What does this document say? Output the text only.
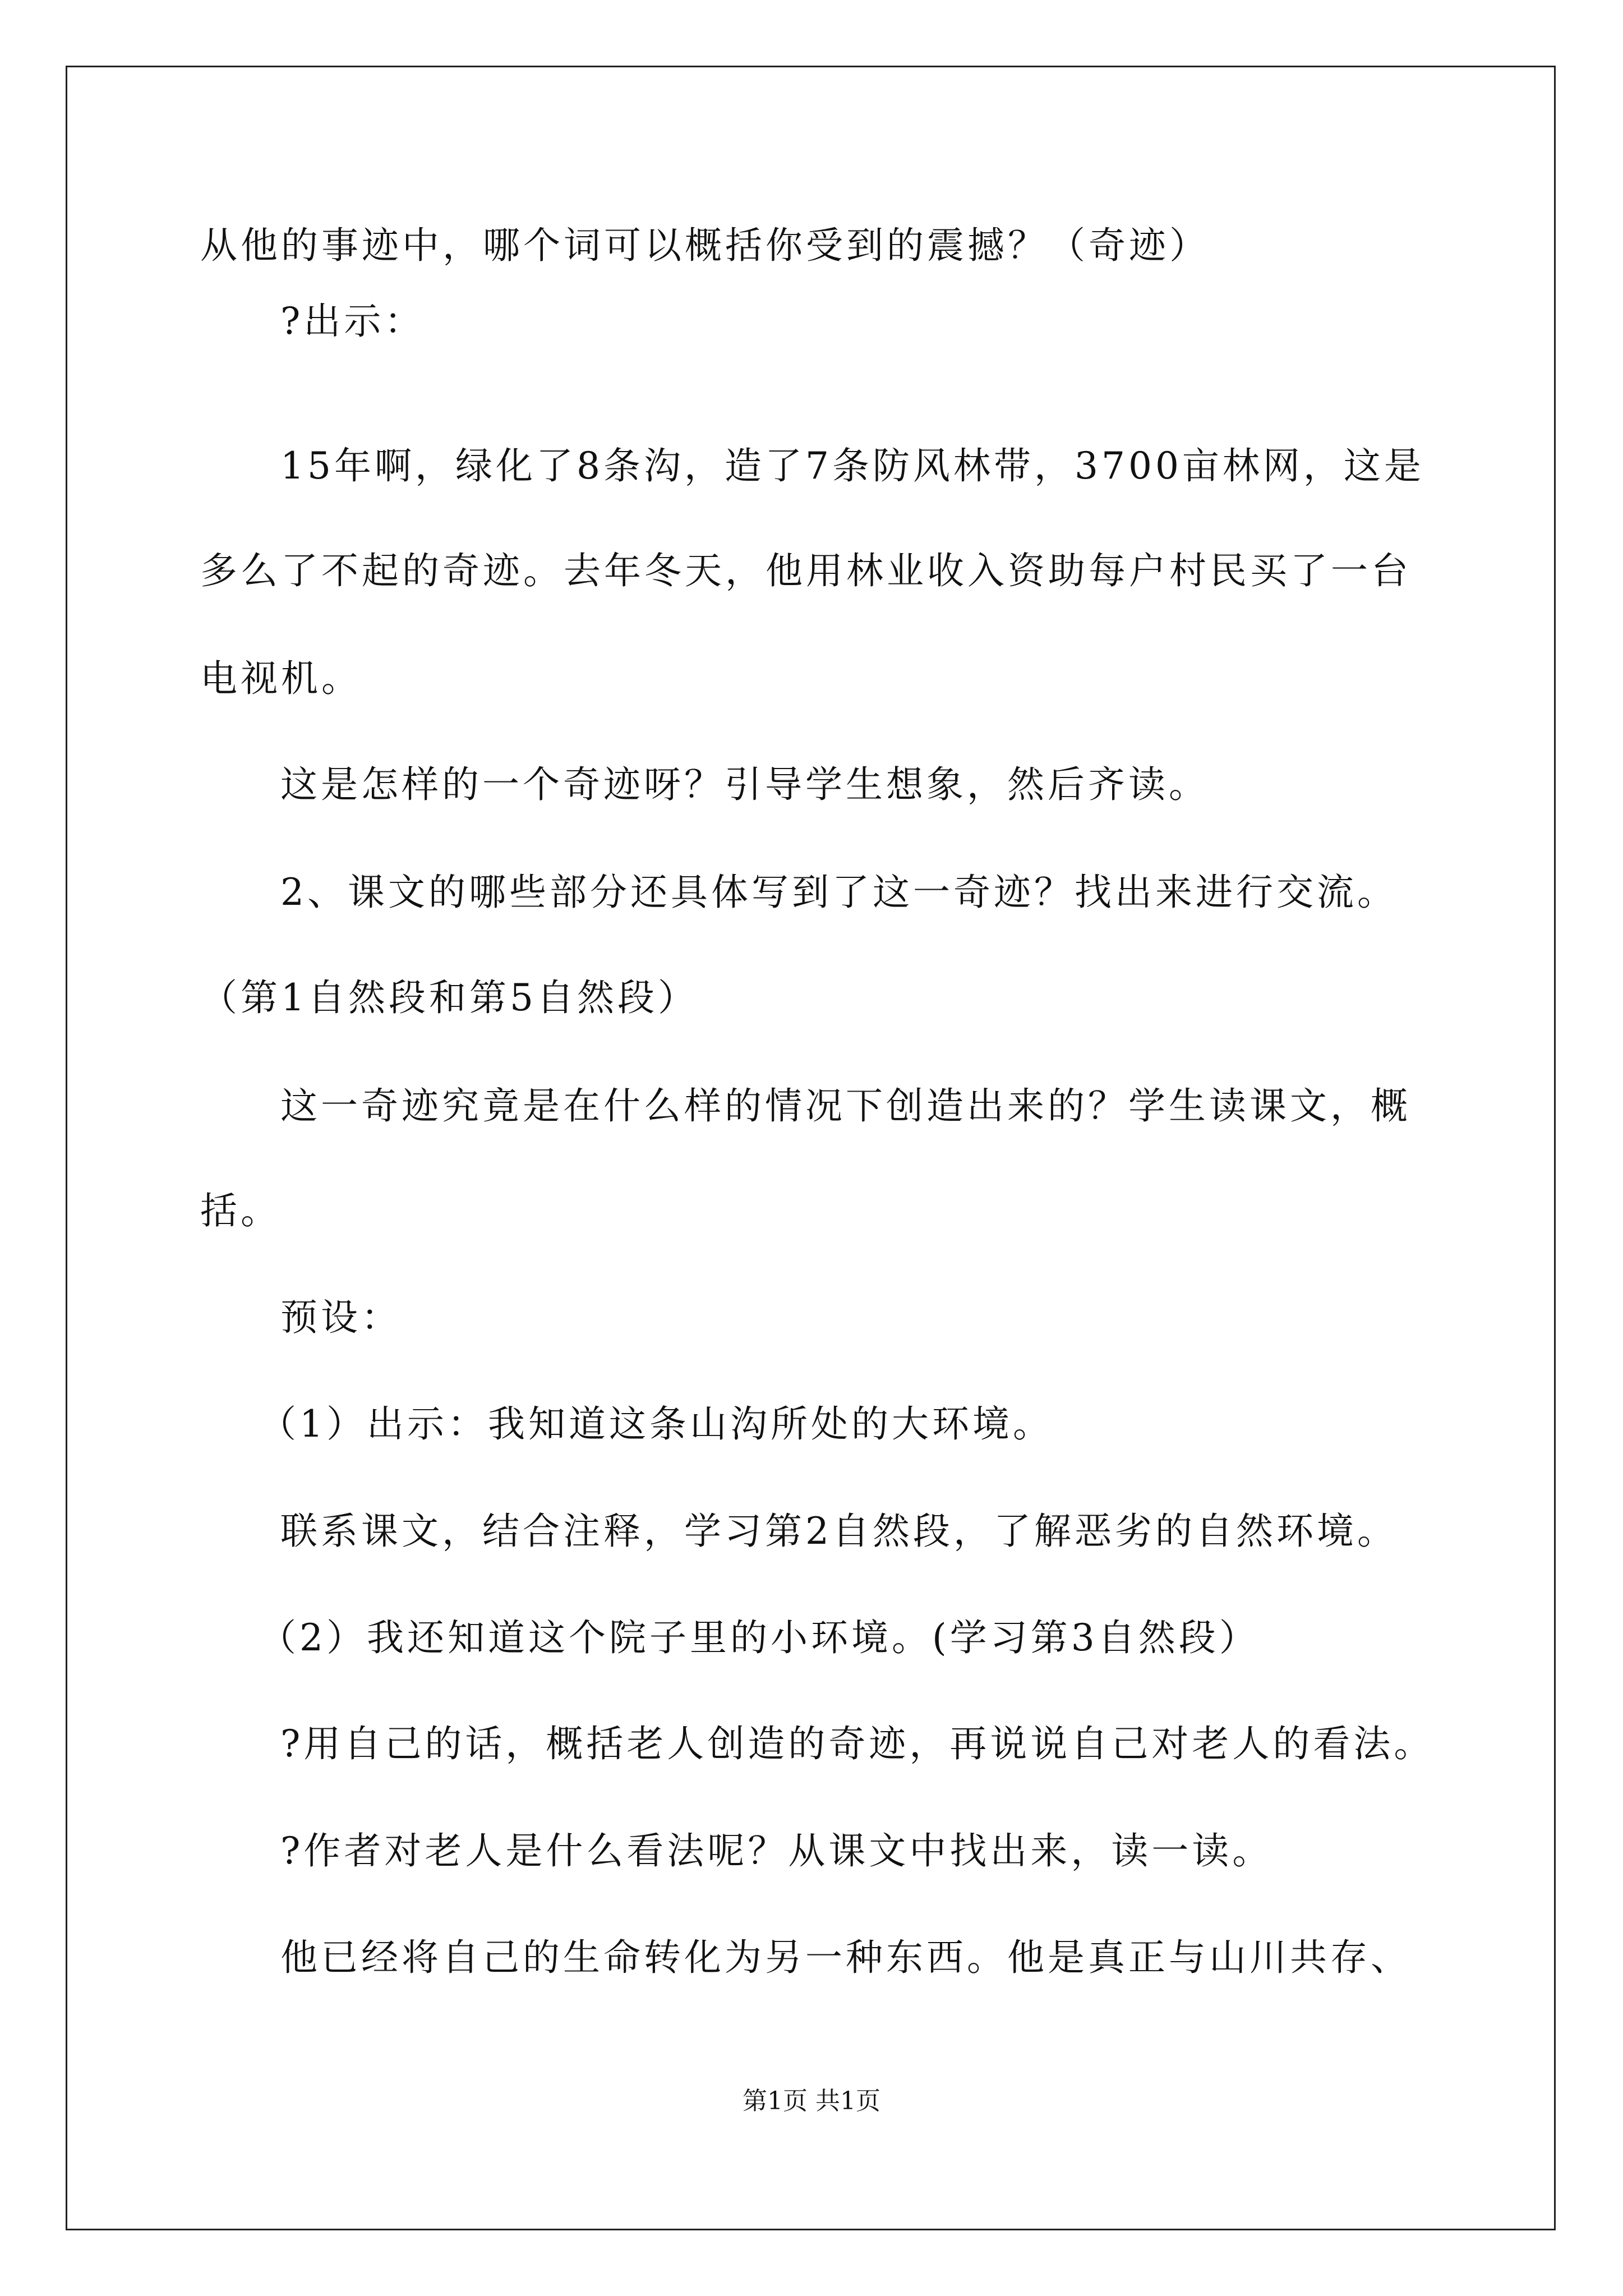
从他的事迹中，哪个词可以概括你受到的震撼？（奇迹）
?出示：
15年啊，绿化了8条沟，造了7条防风林带，3700亩林网，这是
多么了不起的奇迹。去年冬天，他用林业收入资助每户村民买了一台
电视机。
这是怎样的一个奇迹呀？引导学生想象，然后齐读。
2、课文的哪些部分还具体写到了这一奇迹？找出来进行交流。
（第1自然段和第5自然段）
这一奇迹究竟是在什么样的情况下创造出来的？学生读课文，概
括。
预设：
（1）出示：我知道这条山沟所处的大环境。
联系课文，结合注释，学习第2自然段，了解恶劣的自然环境。
（2）我还知道这个院子里的小环境。(学习第3自然段）
?用自己的话，概括老人创造的奇迹，再说说自己对老人的看法。
?作者对老人是什么看法呢？从课文中找出来，读一读。
他已经将自己的生命转化为另一种东西。他是真正与山川共存、
第1页 共1页
